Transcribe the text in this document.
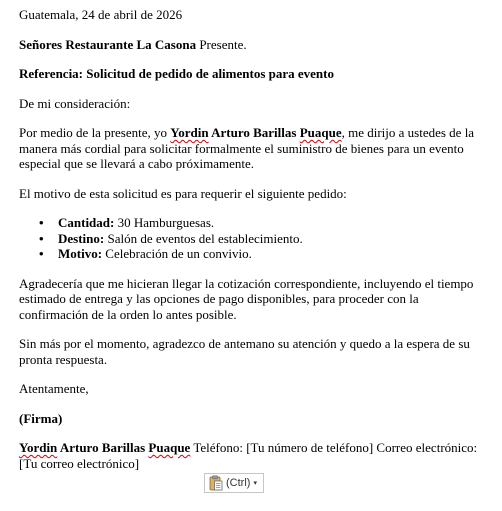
Guatemala, 24 de abril de 2026

Señores Restaurante La Casona Presente.

Referencia: Solicitud de pedido de alimentos para evento

De mi consideración:

Por medio de la presente, yo Yordin Arturo Barillas Puaque, me dirijo a ustedes de la manera más cordial para solicitar formalmente el suministro de bienes para un evento especial que se llevará a cabo próximamente.

El motivo de esta solicitud es para requerir el siguiente pedido:

• Cantidad: 30 Hamburguesas.
• Destino: Salón de eventos del establecimiento.
• Motivo: Celebración de un convivio.

Agradecería que me hicieran llegar la cotización correspondiente, incluyendo el tiempo estimado de entrega y las opciones de pago disponibles, para proceder con la confirmación de la orden lo antes posible.

Sin más por el momento, agradezco de antemano su atención y quedo a la espera de su pronta respuesta.

Atentamente,

(Firma)

Yordin Arturo Barillas Puaque Teléfono: [Tu número de teléfono] Correo electrónico: [Tu correo electrónico]

(Ctrl) ▾
